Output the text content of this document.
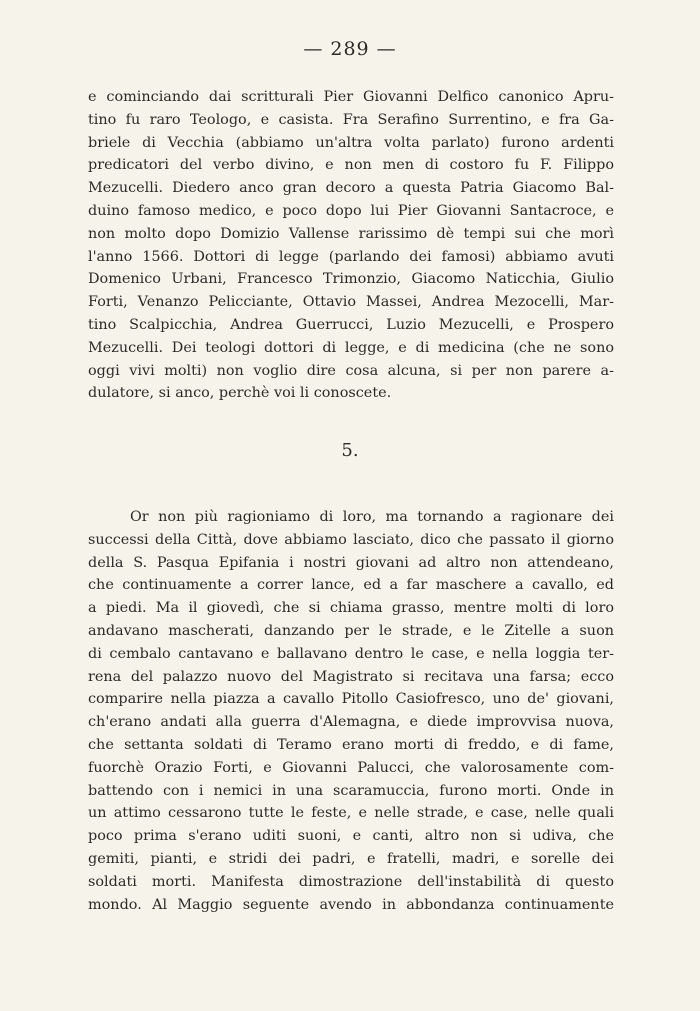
— 289 —
e cominciando dai scritturali Pier Giovanni Delfico canonico Apru-
tino fu raro Teologo, e casista. Fra Serafino Surrentino, e fra Ga-
briele di Vecchia (abbiamo un'altra volta parlato) furono ardenti
predicatori del verbo divino, e non men di costoro fu F. Filippo
Mezucelli. Diedero anco gran decoro a questa Patria Giacomo Bal-
duino famoso medico, e poco dopo lui Pier Giovanni Santacroce, e
non molto dopo Domizio Vallense rarissimo dè tempi sui che morì
l'anno 1566. Dottori di legge (parlando dei famosi) abbiamo avuti
Domenico Urbani, Francesco Trimonzio, Giacomo Naticchia, Giulio
Forti, Venanzo Pelicciante, Ottavio Massei, Andrea Mezocelli, Mar-
tino Scalpicchia, Andrea Guerrucci, Luzio Mezucelli, e Prospero
Mezucelli. Dei teologi dottori di legge, e di medicina (che ne sono
oggi vivi molti) non voglio dire cosa alcuna, si per non parere a-
dulatore, si anco, perchè voi li conoscete.
5.
Or non più ragioniamo di loro, ma tornando a ragionare dei
successi della Città, dove abbiamo lasciato, dico che passato il giorno
della S. Pasqua Epifania i nostri giovani ad altro non attendeano,
che continuamente a correr lance, ed a far maschere a cavallo, ed
a piedi. Ma il giovedì, che si chiama grasso, mentre molti di loro
andavano mascherati, danzando per le strade, e le Zitelle a suon
di cembalo cantavano e ballavano dentro le case, e nella loggia ter-
rena del palazzo nuovo del Magistrato si recitava una farsa; ecco
comparire nella piazza a cavallo Pitollo Casiofresco, uno de' giovani,
ch'erano andati alla guerra d'Alemagna, e diede improvvisa nuova,
che settanta soldati di Teramo erano morti di freddo, e di fame,
fuorchè Orazio Forti, e Giovanni Palucci, che valorosamente com-
battendo con i nemici in una scaramuccia, furono morti. Onde in
un attimo cessarono tutte le feste, e nelle strade, e case, nelle quali
poco prima s'erano uditi suoni, e canti, altro non si udiva, che
gemiti, pianti, e stridi dei padri, e fratelli, madri, e sorelle dei
soldati morti. Manifesta dimostrazione dell'instabilità di questo
mondo. Al Maggio seguente avendo in abbondanza continuamente
